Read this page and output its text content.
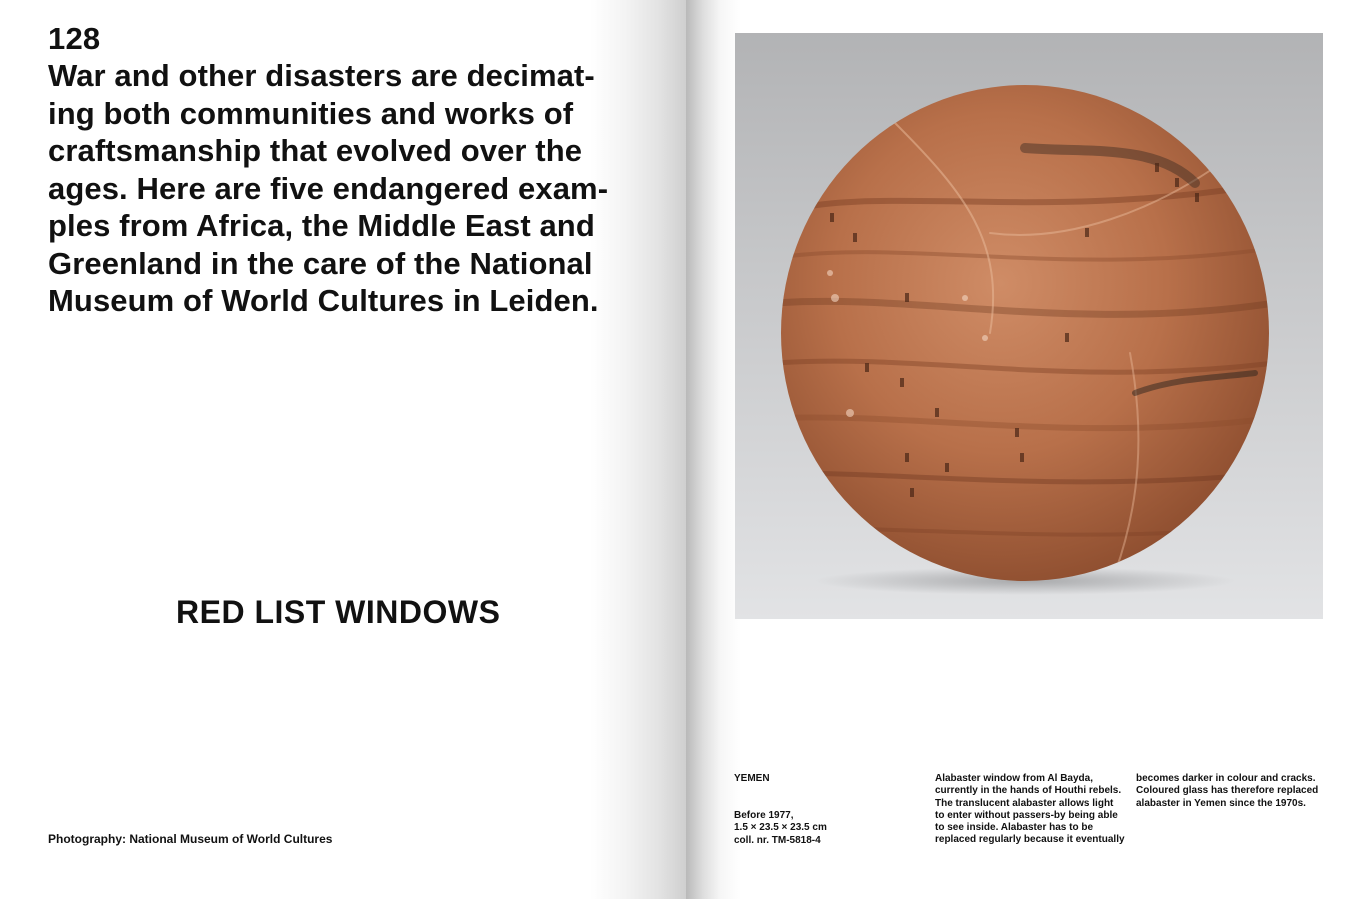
128
War and other disasters are decimat-
ing both communities and works of
craftsmanship that evolved over the
ages. Here are five endangered exam-
ples from Africa, the Middle East and
Greenland in the care of the National
Museum of World Cultures in Leiden.
RED LIST WINDOWS
Photography: National Museum of World Cultures
YEMEN
Before 1977,
1.5 × 23.5 × 23.5 cm
coll. nr. TM-5818-4
Alabaster window from Al Bayda,
currently in the hands of Houthi rebels.
The translucent alabaster allows light
to enter without passers-by being able
to see inside. Alabaster has to be
replaced regularly because it eventually
becomes darker in colour and cracks.
Coloured glass has therefore replaced
alabaster in Yemen since the 1970s.
